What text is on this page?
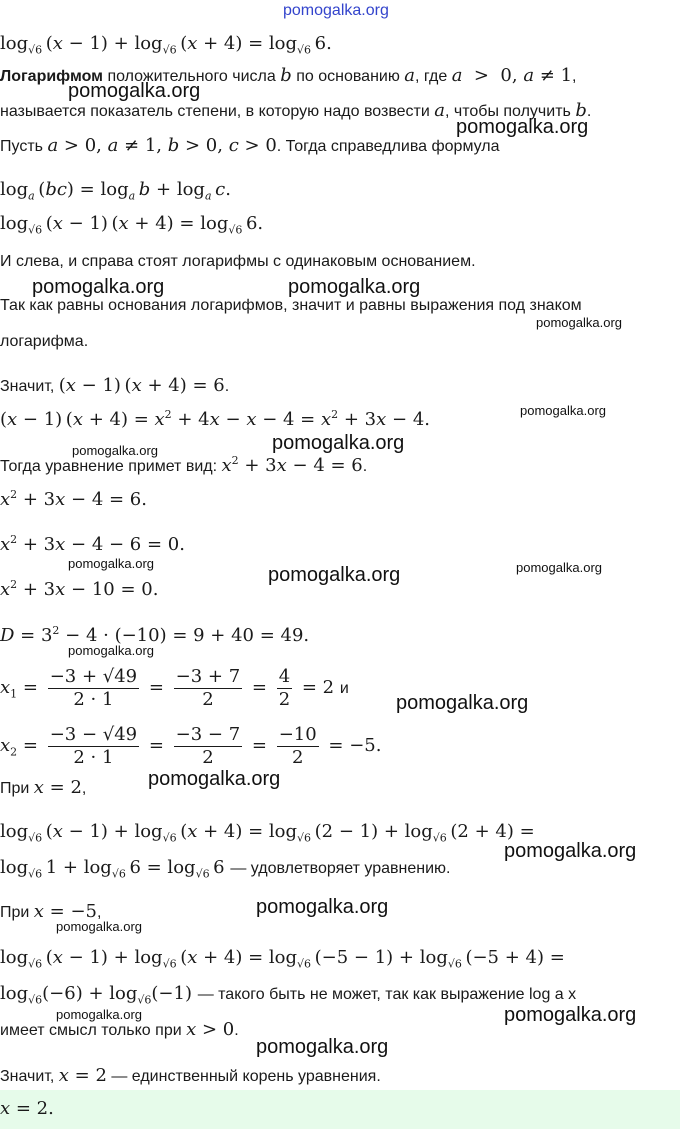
pomogalka.org
$\log_{√6} (x - 1) + \log_{√6} (x + 4) = \log_{√6} 6$.
Логарифмом положительного числа b по основанию a, где a  >  0, a ≠ 1,
pomogalka.org
называется показатель степени, в которую надо возвести a, чтобы получить b.
pomogalka.org
Пусть a > 0, a ≠ 1, b > 0, c > 0. Тогда справедлива формула
$\log_a (bc) = \log_a b + \log_a c$.
$\log_{√6} (x - 1) (x + 4) = \log_{√6} 6$.
И слева, и справа стоят логарифмы с одинаковым основанием.
pomogalka.org	pomogalka.org
Так как равны основания логарифмов, значит и равны выражения под знаком
pomogalka.org
логарифма.
Значит, (x − 1) (x + 4) = 6.
(x − 1) $(x + 4) = x^2 + 4x - x - 4 = x^2 + 3x - 4$.	pomogalka.org
pomogalka.org
pomogalka.org
Тогда уравнение примет вид: $x^2 + 3x - 4 = 6$.
$x^2 + 3x - 4 = 6$.
$x^2 + 3x - 4 - 6 = 0$.
pomogalka.org
pomogalka.org	pomogalka.org
$x^2 + 3x - 10 = 0$.
$D = 3^2 - 4 \cdot (-10) = 9 + 40 = 49$.
pomogalka.org
$x_1 = \frac{-3 + √49}{2 \cdot 1} = \frac{-3 + 7}{2} = \frac{4}{2} = 2$ и
pomogalka.org
$x_2 = \frac{-3 - √49}{2 \cdot 1} = \frac{-3 - 7}{2} = \frac{-10}{2} = -5$.
pomogalka.org
При x = 2,
$\log_{√6} (x - 1) + \log_{√6} (x + 4) = \log_{√6} (2 - 1) + \log_{√6} (2 + 4)$ =
pomogalka.org
$\log_{√6} 1 + \log_{√6} 6 = \log_{√6} 6$ — удовлетворяет уравнению.
При x = −5,	pomogalka.org
pomogalka.org
$\log_{√6} (x - 1) + \log_{√6} (x + 4) = \log_{√6} (-5 - 1) + \log_{√6} (-5 + 4)$ =
$\log_{√6}(-6) + \log_{√6}(-1)$ — такого быть не может, так как выражение log a x
pomogalka.org	pomogalka.org
имеет смысл только при x > 0.
pomogalka.org
Значит, x = 2 — единственный корень уравнения.
x = 2.
